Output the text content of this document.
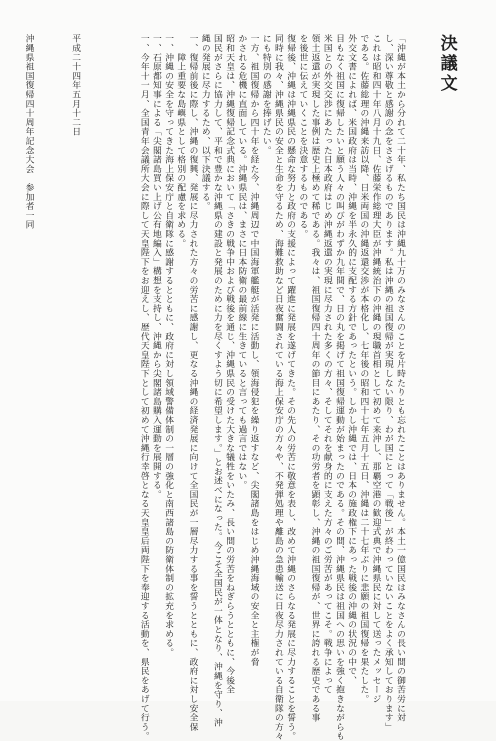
決議文

「沖縄が本土から分れて二十年、私たち国民は沖縄九十万のみなさんのことを片時たりとも忘れたことはありません。本土一億国民はみなさんの長い間の御苦労に対
し、深い尊敬と感謝の念をささげるものであります。私は沖縄の祖国復帰が実現しない限り、わが国にとって「戦後」が終わっていないことをよく承知しております」
これは昭和四十年八月十九日、佐藤栄作総理大臣が沖縄統治下の沖縄の現職首相として初めて来沖し、那覇空港の歓迎式典で沖縄県民に対して送ったメッセージ
である。佐藤総理の沖縄来訪以降、日米両国の沖縄返還交渉が本格化し、七年後の昭和四十七年五月十五日、沖縄は二十七年ぶりに悲願の祖国復帰を果たした。
外交文書によれば、米国政府は当時、沖縄を半永久的に支配する方針であったという。しかし沖縄では、日本の施政権下にあった戦後の沖縄の状況の中で、
目もなく祖国に復帰したいと願う人々の叫びがわずか九年間で、日の丸を掲げて祖国復帰運動が始まったのである。その間、沖縄県民は祖国への思いを強く抱きながらも
米国との外交交渉にあたった日本政府はじめ沖縄返還の実現に尽力された多くの方々、そしてそれを献身的に支えた方々のご労苦があってこそ。戦争によって
領土返還が実現した事例は歴史上極めて稀である。我々は、祖国復帰四十周年の節目にあたり、その功労者を顕彰し、沖縄の祖国復帰が、世界に誇れる歴史である事
を後世に伝えていくことを決意するものである。
復帰後、沖縄は沖縄県民の懸命な努力と政府の支援によって躍進に発展を遂げてきた。その先人の労苦に敬意を表し、改めて沖縄のさらなる発展に尽力することを誓う。
同時に我々、沖縄県民の安全と生命を守るため、海難救助など日夜奮闘されている海上保安庁の方々や、不発弾処理や離島の急患輸送に日夜尽力されている自衛隊の方々
にも特別の感謝を捧げたい。
一方、祖国復帰から四十年を経た今、沖縄周辺で中国海軍艦艇が活発に活動し、領海侵犯を繰り返すなど、尖閣諸島をはじめ沖縄海域の安全と主権が脅
かされる危機に直面している。沖縄県民は、まさに日本防衛の最前線に生きていると言っても過言ではない。
昭和天皇は、沖縄復帰記念式典において「さきの戦争中および戦後を通じ、沖縄県民の受けた大きな犠牲をいたみ、長い間の労苦をねぎらうとともに、今後全
国民がさらに協力して、平和で豊かな沖縄県の建設と発展のために力を尽くすよう切に希望します。」とお述べになった。今こそ全国民が一体となり、沖縄を守り、沖
縄の発展に尽力するため、以下決議する。
一、復帰前後に際し、沖縄の復興、発展に尽力された方々の労苦に感謝し、更なる沖縄の経済発展に向けて全国民が一層尽力する事を誓うとともに、政府に対し安全保
　　障上重要な島嶼県として格別の配慮を求める。
一、沖縄の安全を守ってきた海上保安庁と自衛隊に感謝するとともに、政府に対し領域警備体制の一層の強化と南西諸島の防衛体制の拡充を求める。
一、石原都知事による「尖閣諸島買い上げ公有地編入」構想を支持し、沖縄から尖閣諸島購入運動を展開する。
一、今年十一月、全国青年会議所大会に際して天皇陛下をお迎えし、歴代天皇陛下として初めて沖縄行幸啓となる天皇皇后両陛下を奉迎する活動を、県民をあげて行う。

平成二十四年五月十二日

沖縄県祖国復帰四十周年記念大会　参加者一同
